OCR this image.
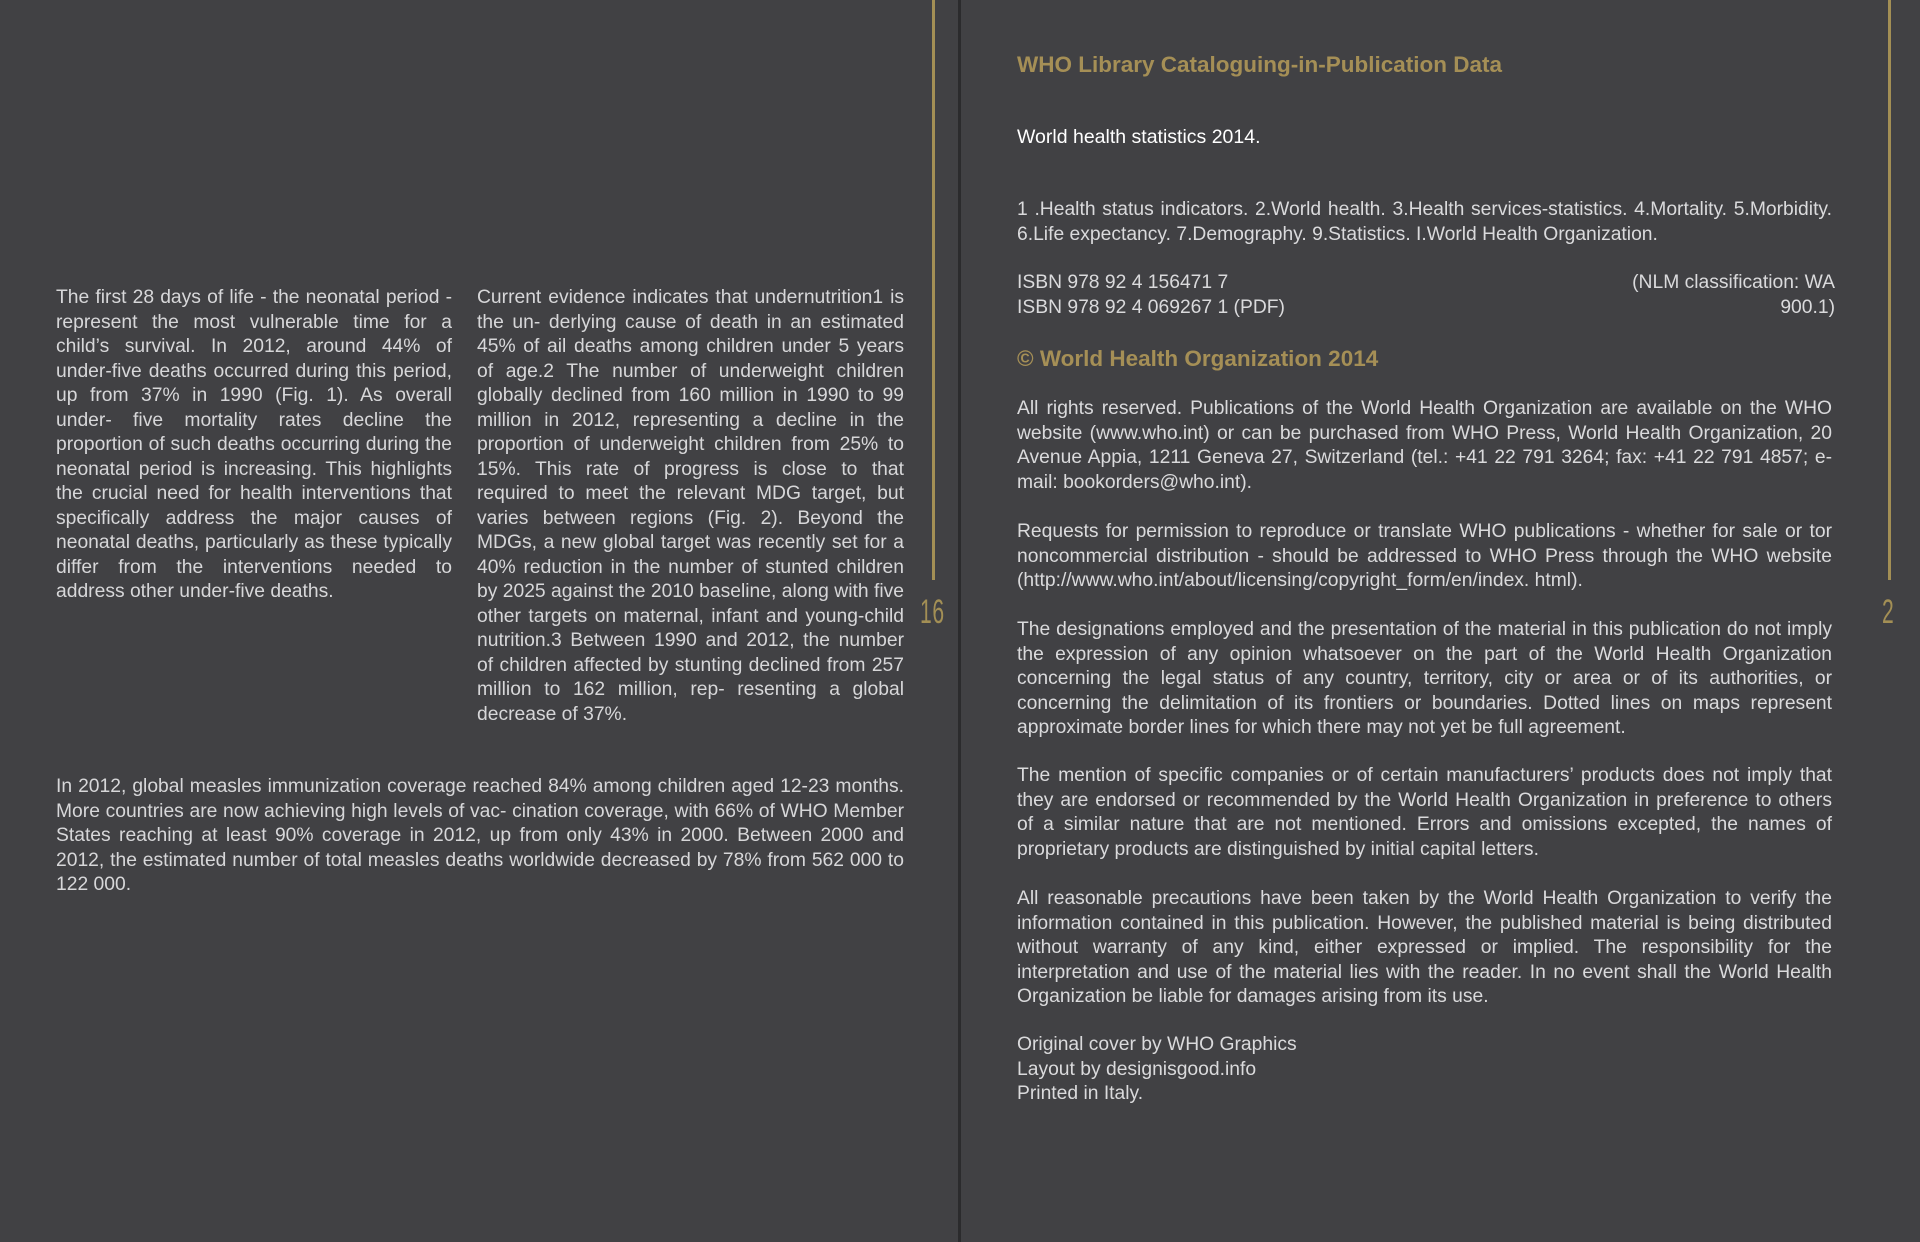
16

The first 28 days of life - the neonatal period - represent the most vulnerable time for a child’s survival. In 2012, around 44% of under-five deaths occurred during this period, up from 37% in 1990 (Fig. 1). As overall under- five mortality rates decline the proportion of such deaths occurring during the neonatal period is increasing. This highlights the crucial need for health interventions that specifically address the major causes of neonatal deaths, particularly as these typically differ from the interventions needed to address other under-five deaths.

Current evidence indicates that undernutrition1 is the un- derlying cause of death in an estimated 45% of ail deaths among children under 5 years of age.2 The number of underweight children globally declined from 160 million in 1990 to 99 million in 2012, representing a decline in the proportion of underweight children from 25% to 15%. This rate of progress is close to that required to meet the relevant MDG target, but varies between regions (Fig. 2). Beyond the MDGs, a new global target was recently set for a 40% reduction in the number of stunted children by 2025 against the 2010 baseline, along with five other targets on maternal, infant and young-child nutrition.3 Between 1990 and 2012, the number of children affected by stunting declined from 257 million to 162 million, rep- resenting a global decrease of 37%.

In 2012, global measles immunization coverage reached 84% among children aged 12-23 months. More countries are now achieving high levels of vac- cination coverage, with 66% of WHO Member States reaching at least 90% coverage in 2012, up from only 43% in 2000. Between 2000 and 2012, the estimated number of total measles deaths worldwide decreased by 78% from 562 000 to 122 000.

2
WHO Library Cataloguing-in-Publication Data

World health statistics 2014.

1 .Health status indicators. 2.World health. 3.Health services-statistics. 4.Mortality. 5.Morbidity. 6.Life expectancy. 7.Demography. 9.Statistics. I.World Health Organization.

ISBN 978 92 4 156471 7	(NLM classification: WA 900.1)

ISBN 978 92 4 069267 1 (PDF)

© World Health Organization 2014

All rights reserved. Publications of the World Health Organization are available on the WHO website (www.who.int) or can be purchased from WHO Press, World Health Organization, 20 Avenue Appia, 1211 Geneva 27, Switzerland (tel.: +41 22 791 3264; fax: +41 22 791 4857; e-mail: bookorders@who.int).

Requests for permission to reproduce or translate WHO publications - whether for sale or tor noncommercial distribution - should be addressed to WHO Press through the WHO website (http://www.who.int/about/licensing/copyright_form/en/index. html).

The designations employed and the presentation of the material in this publication do not imply the expression of any opinion whatsoever on the part of the World Health Organization concerning the legal status of any country, territory, city or area or of its authorities, or concerning the delimitation of its frontiers or boundaries. Dotted lines on maps represent approximate border lines for which there may not yet be full agreement.

The mention of specific companies or of certain manufacturers’ products does not imply that they are endorsed or recommended by the World Health Organization in preference to others of a similar nature that are not mentioned. Errors and omissions excepted, the names of proprietary products are distinguished by initial capital letters.

All reasonable precautions have been taken by the World Health Organization to verify the information contained in this publication. However, the published material is being distributed without warranty of any kind, either expressed or implied. The responsibility for the interpretation and use of the material lies with the reader. In no event shall the World Health Organization be liable for damages arising from its use.

Original cover by WHO Graphics
Layout by designisgood.info
Printed in Italy.
